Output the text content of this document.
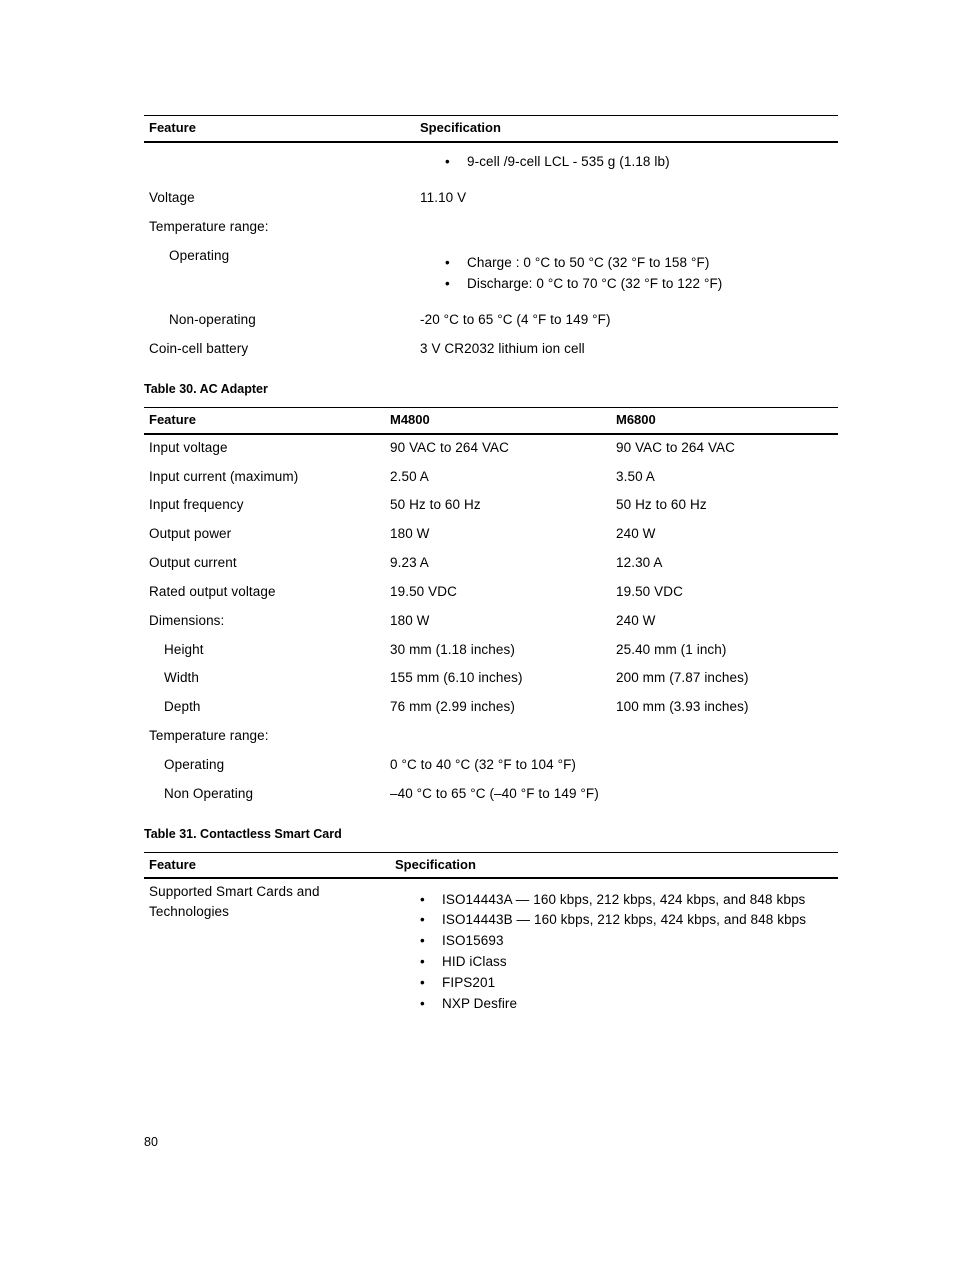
Feature	Specification
• 9-cell /9-cell LCL - 535 g (1.18 lb)
Voltage	11.10 V
Temperature range:
Operating
•	Charge : 0 °C to 50 °C (32 °F to 158 °F)
• Discharge: 0 °C to 70 °C (32 °F to 122 °F)
Non-operating	-20 °C to 65 °C (4 °F to 149 °F)
Coin-cell battery	3 V CR2032 lithium ion cell
Table 30. AC Adapter
Feature	M4800	M6800
Input voltage	90 VAC to 264 VAC	90 VAC to 264 VAC
Input current (maximum)	2.50 A	3.50 A
Input frequency	50 Hz to 60 Hz	50 Hz to 60 Hz
Output power	180 W	240 W
Output current	9.23 A	12.30 A
Rated output voltage	19.50 VDC	19.50 VDC
Dimensions:	180 W	240 W
Height	30 mm (1.18 inches)	25.40 mm (1 inch)
Width	155 mm (6.10 inches)	200 mm (7.87 inches)
Depth	76 mm (2.99 inches)	100 mm (3.93 inches)
Temperature range:
Operating	0 °C to 40 °C (32 °F to 104 °F)
Non Operating	–40 °C to 65 °C (–40 °F to 149 °F)
Table 31. Contactless Smart Card
Feature	Specification
Supported Smart Cards and
Technologies
• ISO14443A — 160 kbps, 212 kbps, 424 kbps, and 848 kbps
• ISO14443B — 160 kbps, 212 kbps, 424 kbps, and 848 kbps
• ISO15693
• HID iClass
• FIPS201
• NXP Desfire
80
